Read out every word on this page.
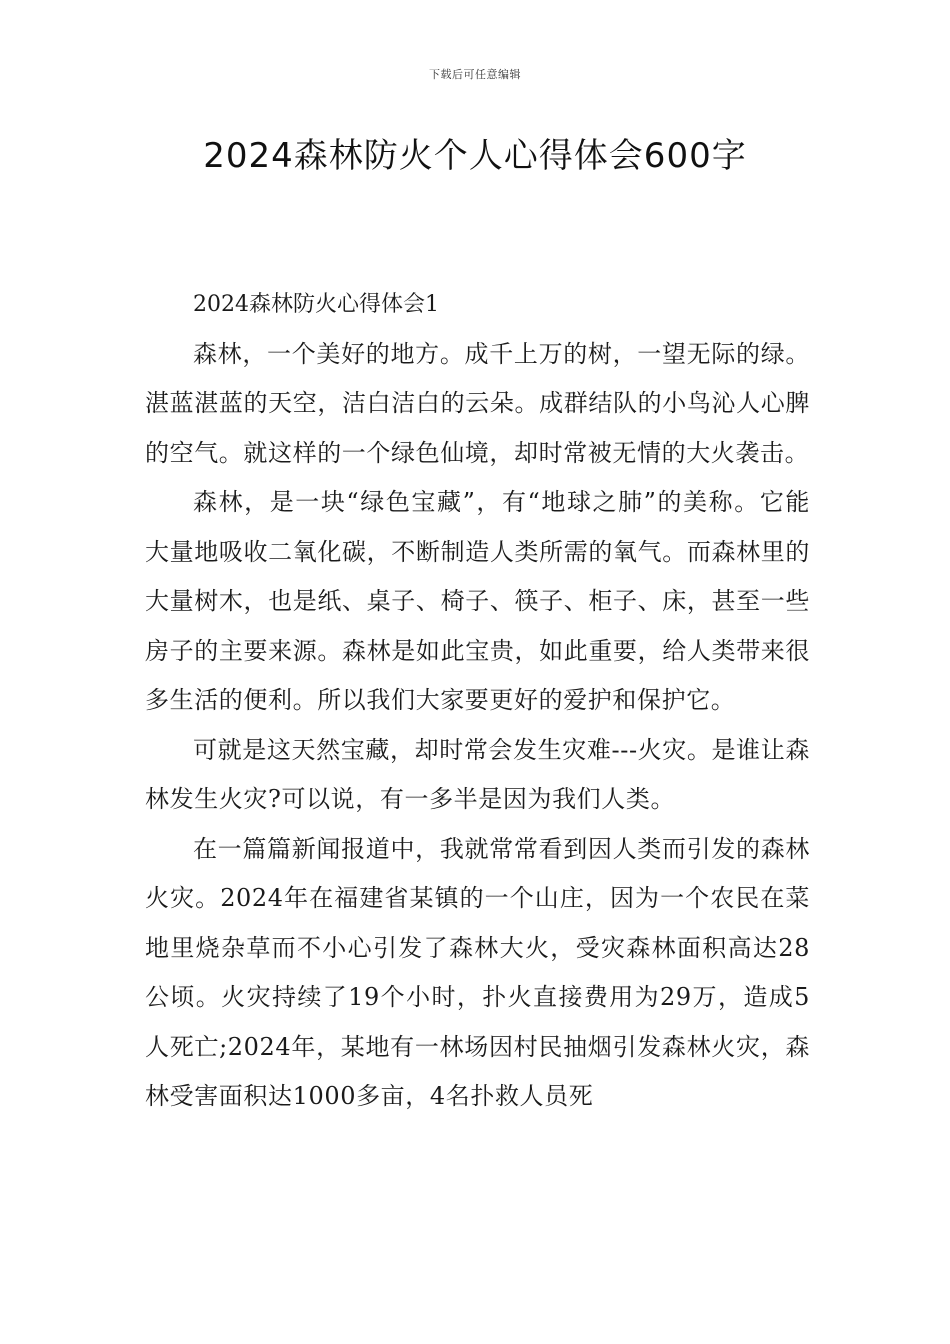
下载后可任意编辑
2024森林防火个人心得体会600字
2024森林防火心得体会1

森林，一个美好的地方。成千上万的树，一望无际的绿。湛蓝湛蓝的天空，洁白洁白的云朵。成群结队的小鸟沁人心脾的空气。就这样的一个绿色仙境，却时常被无情的大火袭击。

森林，是一块“绿色宝藏”，有“地球之肺”的美称。它能大量地吸收二氧化碳，不断制造人类所需的氧气。而森林里的大量树木，也是纸、桌子、椅子、筷子、柜子、床，甚至一些房子的主要来源。森林是如此宝贵，如此重要，给人类带来很多生活的便利。所以我们大家要更好的爱护和保护它。

可就是这天然宝藏，却时常会发生灾难---火灾。是谁让森林发生火灾?可以说，有一多半是因为我们人类。

在一篇篇新闻报道中，我就常常看到因人类而引发的森林火灾。2024年在福建省某镇的一个山庄，因为一个农民在菜地里烧杂草而不小心引发了森林大火，受灾森林面积高达28公顷。火灾持续了19个小时，扑火直接费用为29万，造成5人死亡;2024年，某地有一林场因村民抽烟引发森林火灾，森林受害面积达1000多亩，4名扑救人员死
